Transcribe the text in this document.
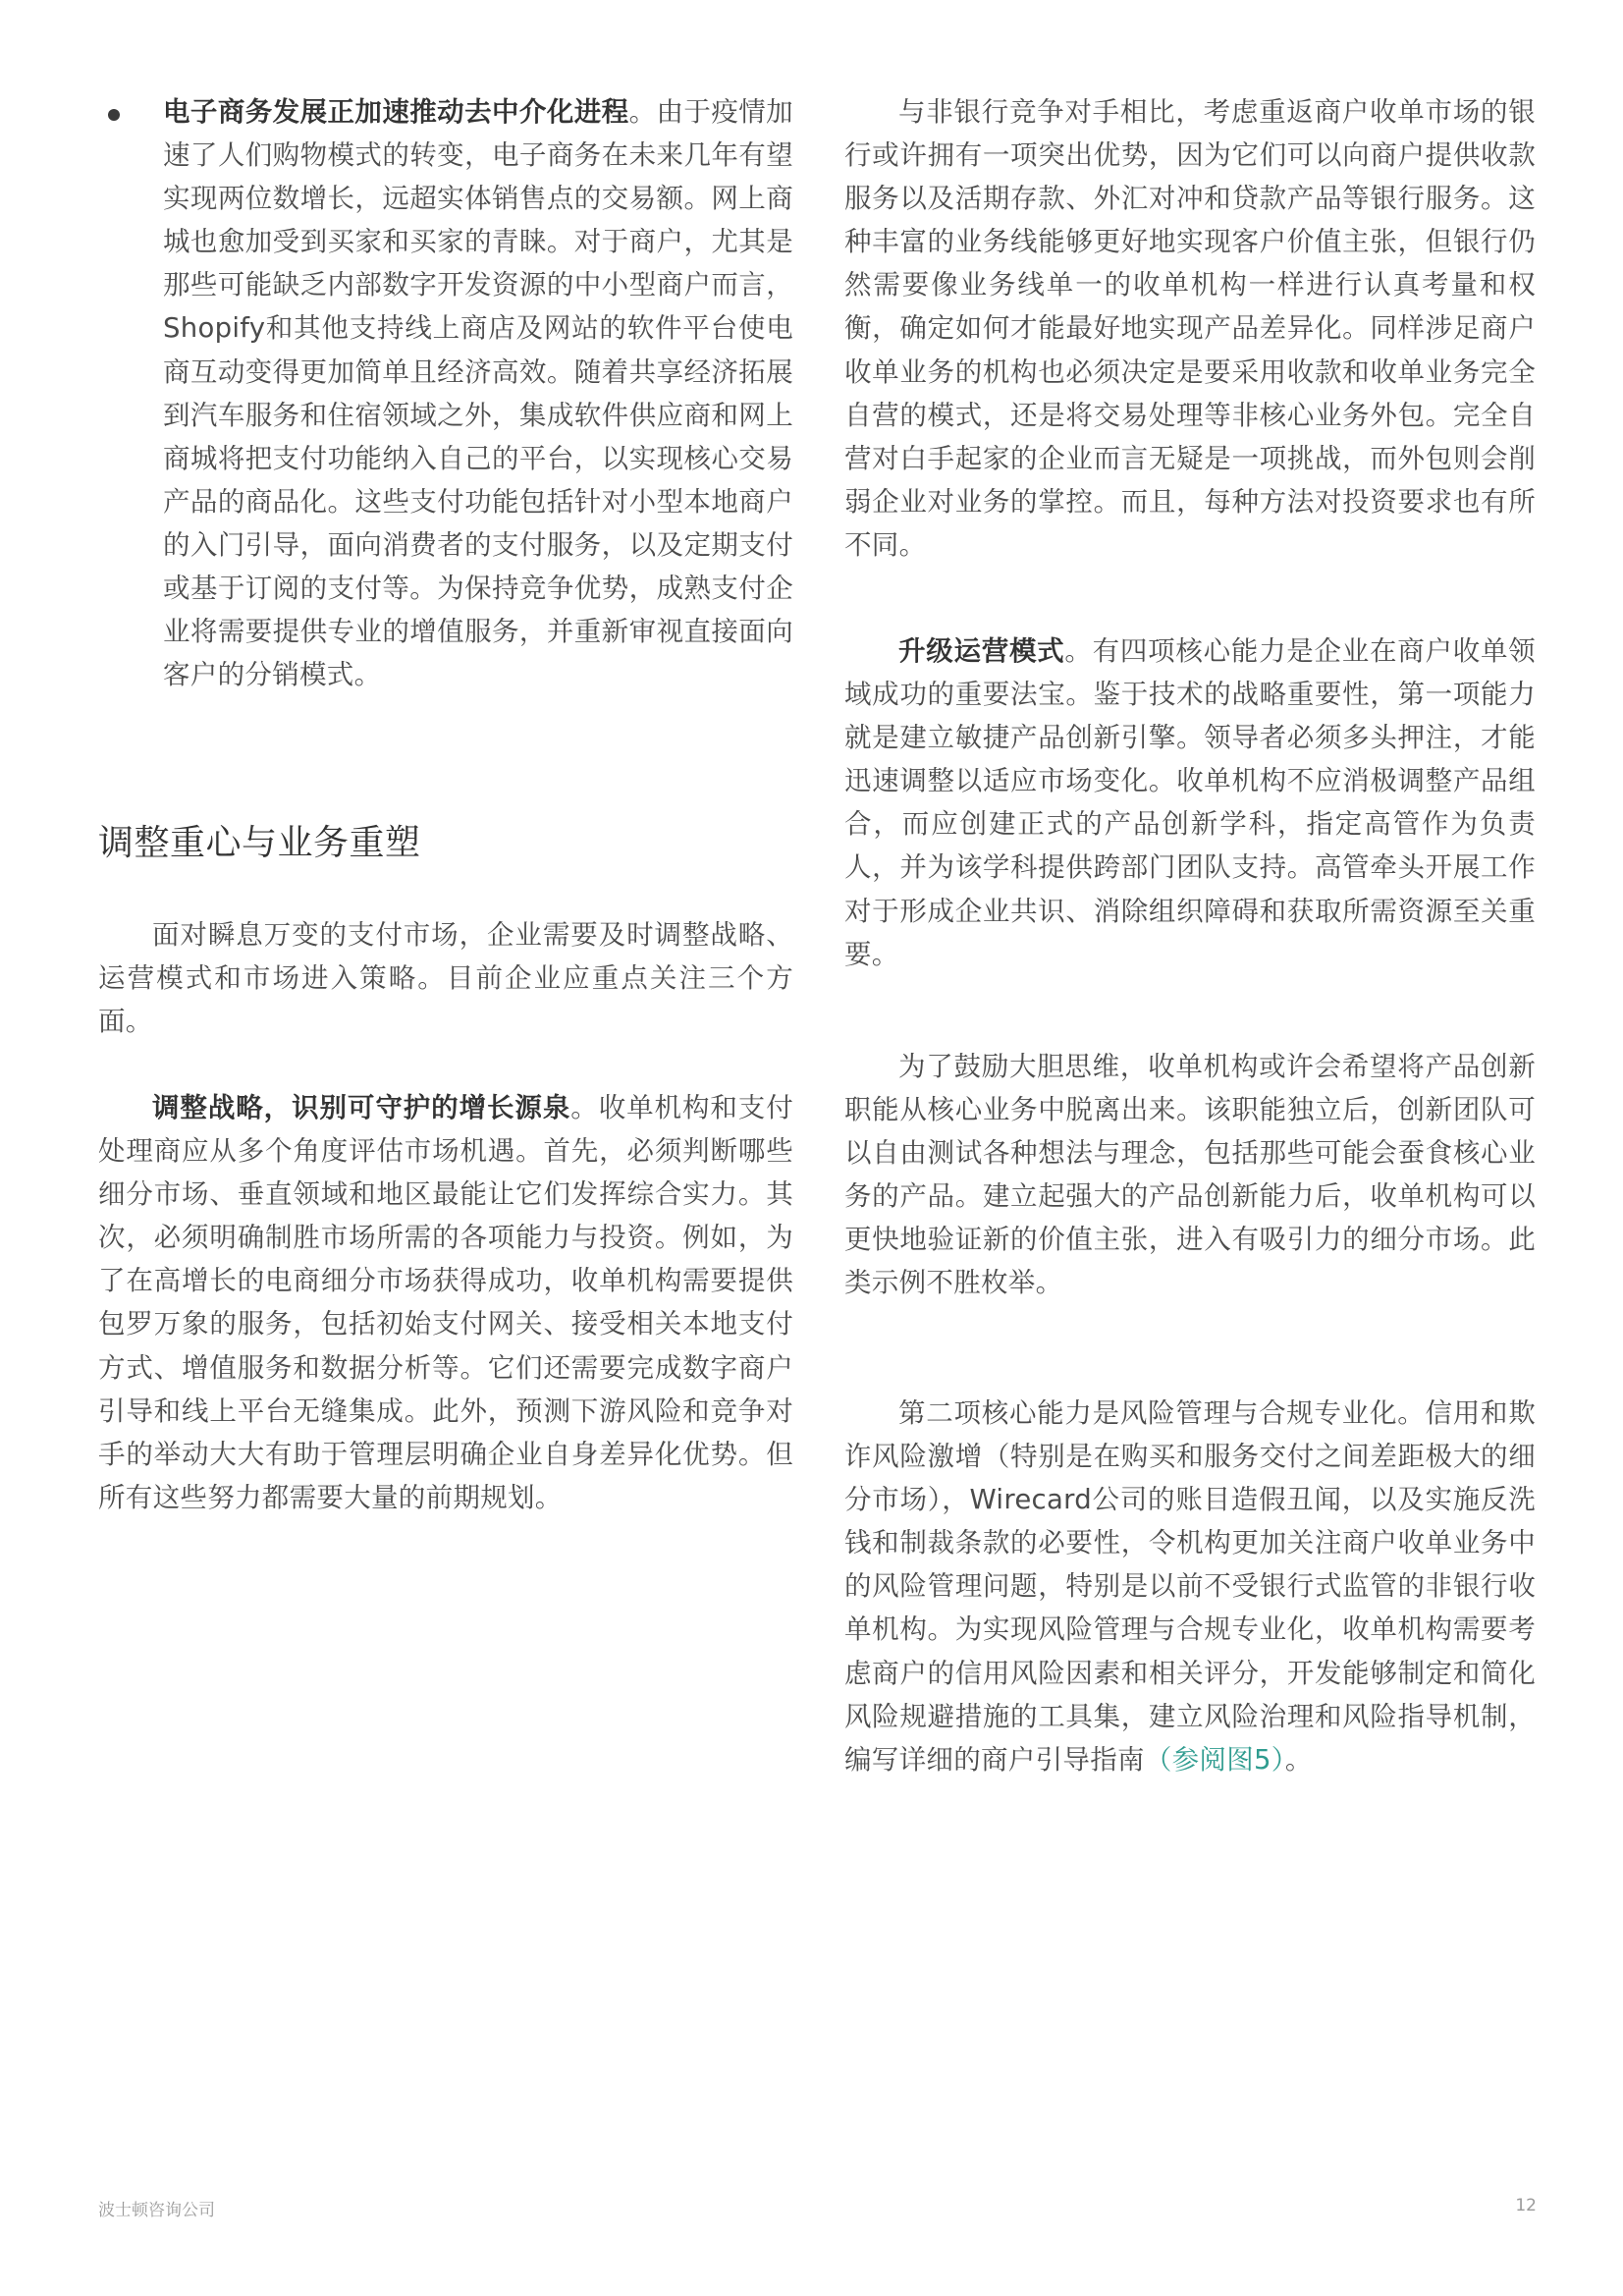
电子商务发展正加速推动去中介化进程。由于疫情加速了人们购物模式的转变，电子商务在未来几年有望实现两位数增长，远超实体销售点的交易额。网上商城也愈加受到买家和买家的青睐。对于商户，尤其是那些可能缺乏内部数字开发资源的中小型商户而言，Shopify和其他支持线上商店及网站的软件平台使电商互动变得更加简单且经济高效。随着共享经济拓展到汽车服务和住宿领域之外，集成软件供应商和网上商城将把支付功能纳入自己的平台，以实现核心交易产品的商品化。这些支付功能包括针对小型本地商户的入门引导，面向消费者的支付服务，以及定期支付或基于订阅的支付等。为保持竞争优势，成熟支付企业将需要提供专业的增值服务，并重新审视直接面向客户的分销模式。

调整重心与业务重塑

面对瞬息万变的支付市场，企业需要及时调整战略、运营模式和市场进入策略。目前企业应重点关注三个方面。

调整战略，识别可守护的增长源泉。收单机构和支付处理商应从多个角度评估市场机遇。首先，必须判断哪些细分市场、垂直领域和地区最能让它们发挥综合实力。其次，必须明确制胜市场所需的各项能力与投资。例如，为了在高增长的电商细分市场获得成功，收单机构需要提供包罗万象的服务，包括初始支付网关、接受相关本地支付方式、增值服务和数据分析等。它们还需要完成数字商户引导和线上平台无缝集成。此外，预测下游风险和竞争对手的举动大大有助于管理层明确企业自身差异化优势。但所有这些努力都需要大量的前期规划。

与非银行竞争对手相比，考虑重返商户收单市场的银行或许拥有一项突出优势，因为它们可以向商户提供收款服务以及活期存款、外汇对冲和贷款产品等银行服务。这种丰富的业务线能够更好地实现客户价值主张，但银行仍然需要像业务线单一的收单机构一样进行认真考量和权衡，确定如何才能最好地实现产品差异化。同样涉足商户收单业务的机构也必须决定是要采用收款和收单业务完全自营的模式，还是将交易处理等非核心业务外包。完全自营对白手起家的企业而言无疑是一项挑战，而外包则会削弱企业对业务的掌控。而且，每种方法对投资要求也有所不同。

升级运营模式。有四项核心能力是企业在商户收单领域成功的重要法宝。鉴于技术的战略重要性，第一项能力就是建立敏捷产品创新引擎。领导者必须多头押注，才能迅速调整以适应市场变化。收单机构不应消极调整产品组合，而应创建正式的产品创新学科，指定高管作为负责人，并为该学科提供跨部门团队支持。高管牵头开展工作对于形成企业共识、消除组织障碍和获取所需资源至关重要。

为了鼓励大胆思维，收单机构或许会希望将产品创新职能从核心业务中脱离出来。该职能独立后，创新团队可以自由测试各种想法与理念，包括那些可能会蚕食核心业务的产品。建立起强大的产品创新能力后，收单机构可以更快地验证新的价值主张，进入有吸引力的细分市场。此类示例不胜枚举。

第二项核心能力是风险管理与合规专业化。信用和欺诈风险激增（特别是在购买和服务交付之间差距极大的细分市场），Wirecard公司的账目造假丑闻，以及实施反洗钱和制裁条款的必要性，令机构更加关注商户收单业务中的风险管理问题，特别是以前不受银行式监管的非银行收单机构。为实现风险管理与合规专业化，收单机构需要考虑商户的信用风险因素和相关评分，开发能够制定和简化风险规避措施的工具集，建立风险治理和风险指导机制，编写详细的商户引导指南（参阅图5）。

波士顿咨询公司	12
